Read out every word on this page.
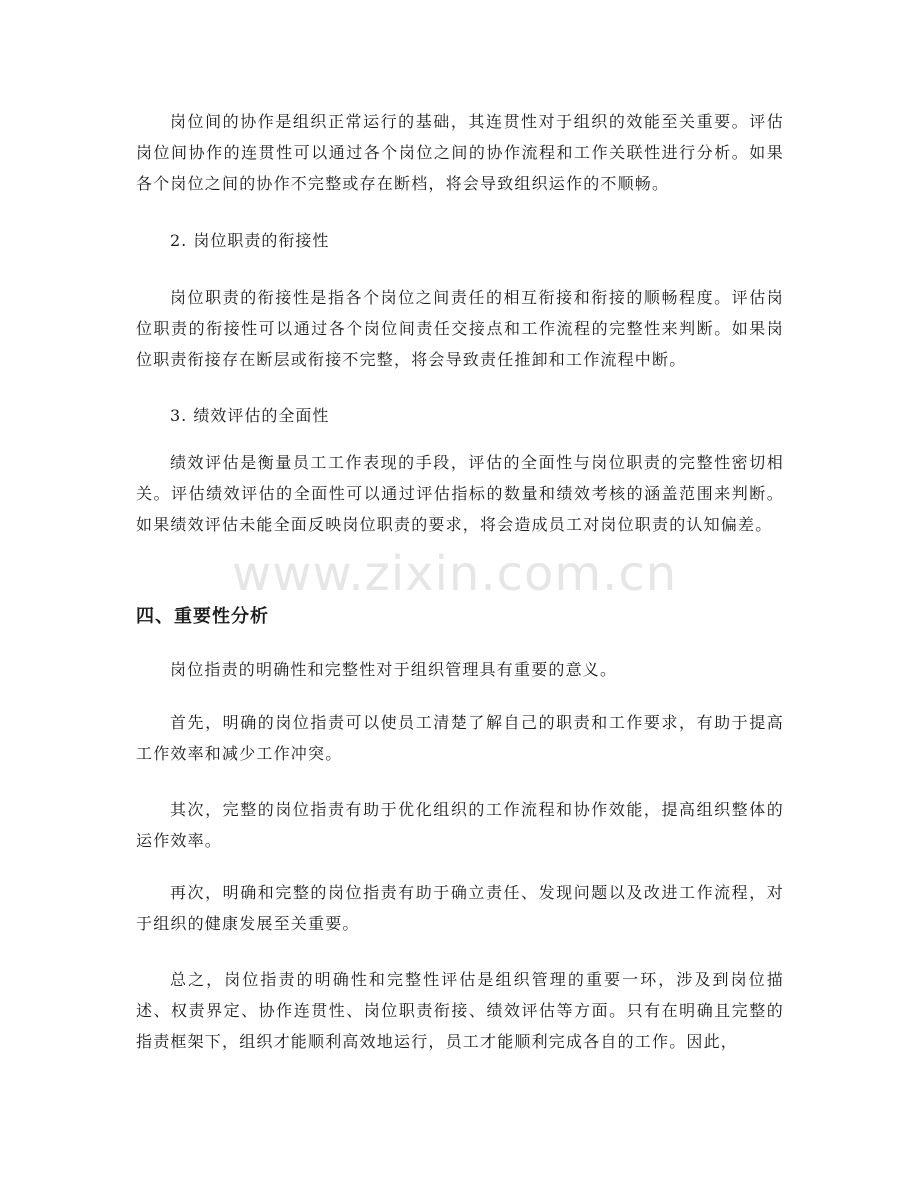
岗位间的协作是组织正常运行的基础，其连贯性对于组织的效能至关重要。评估岗位间协作的连贯性可以通过各个岗位之间的协作流程和工作关联性进行分析。如果各个岗位之间的协作不完整或存在断档，将会导致组织运作的不顺畅。

2. 岗位职责的衔接性

岗位职责的衔接性是指各个岗位之间责任的相互衔接和衔接的顺畅程度。评估岗位职责的衔接性可以通过各个岗位间责任交接点和工作流程的完整性来判断。如果岗位职责衔接存在断层或衔接不完整，将会导致责任推卸和工作流程中断。

3. 绩效评估的全面性

绩效评估是衡量员工工作表现的手段，评估的全面性与岗位职责的完整性密切相关。评估绩效评估的全面性可以通过评估指标的数量和绩效考核的涵盖范围来判断。如果绩效评估未能全面反映岗位职责的要求，将会造成员工对岗位职责的认知偏差。

四、重要性分析

岗位指责的明确性和完整性对于组织管理具有重要的意义。

首先，明确的岗位指责可以使员工清楚了解自己的职责和工作要求，有助于提高工作效率和减少工作冲突。

其次，完整的岗位指责有助于优化组织的工作流程和协作效能，提高组织整体的运作效率。

再次，明确和完整的岗位指责有助于确立责任、发现问题以及改进工作流程，对于组织的健康发展至关重要。

总之，岗位指责的明确性和完整性评估是组织管理的重要一环，涉及到岗位描述、权责界定、协作连贯性、岗位职责衔接、绩效评估等方面。只有在明确且完整的指责框架下，组织才能顺利高效地运行，员工才能顺利完成各自的工作。因此，

www.zixin.com.cn
